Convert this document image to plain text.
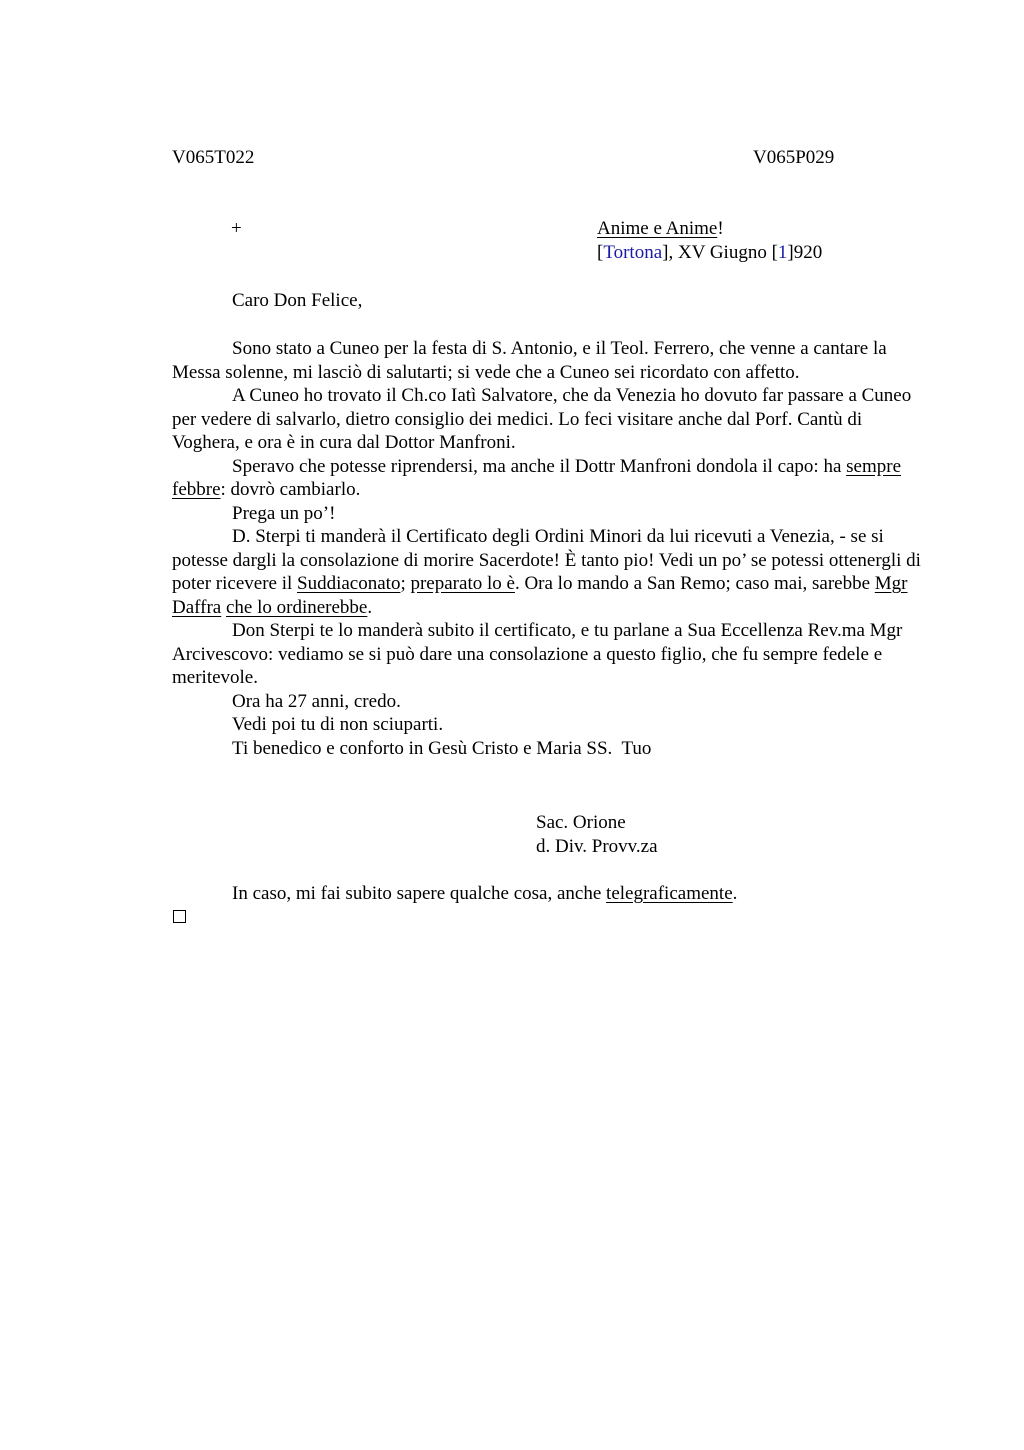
V065T022	V065P029
+	Anime e Anime!
[Tortona], XV Giugno [1]920
Caro Don Felice,

Sono stato a Cuneo per la festa di S. Antonio, e il Teol. Ferrero, che venne a cantare la Messa solenne, mi lasciò di salutarti; si vede che a Cuneo sei ricordato con affetto.

A Cuneo ho trovato il Ch.co Iatì Salvatore, che da Venezia ho dovuto far passare a Cuneo per vedere di salvarlo, dietro consiglio dei medici. Lo feci visitare anche dal Porf. Cantù di Voghera, e ora è in cura dal Dottor Manfroni.

Speravo che potesse riprendersi, ma anche il Dottr Manfroni dondola il capo: ha sempre febbre: dovrò cambiarlo.

Prega un po’!

D. Sterpi ti manderà il Certificato degli Ordini Minori da lui ricevuti a Venezia, - se si potesse dargli la consolazione di morire Sacerdote! È tanto pio! Vedi un po’ se potessi ottenergli di poter ricevere il Suddiaconato; preparato lo è. Ora lo mando a San Remo; caso mai, sarebbe Mgr Daffra che lo ordinerebbe.

Don Sterpi te lo manderà subito il certificato, e tu parlane a Sua Eccellenza Rev.ma Mgr Arcivescovo: vediamo se si può dare una consolazione a questo figlio, che fu sempre fedele e meritevole.

Ora ha 27 anni, credo.

Vedi poi tu di non sciuparti.

Ti benedico e conforto in Gesù Cristo e Maria SS.  Tuo

Sac. Orione
d. Div. Provv.za
In caso, mi fai subito sapere qualche cosa, anche telegraficamente.
